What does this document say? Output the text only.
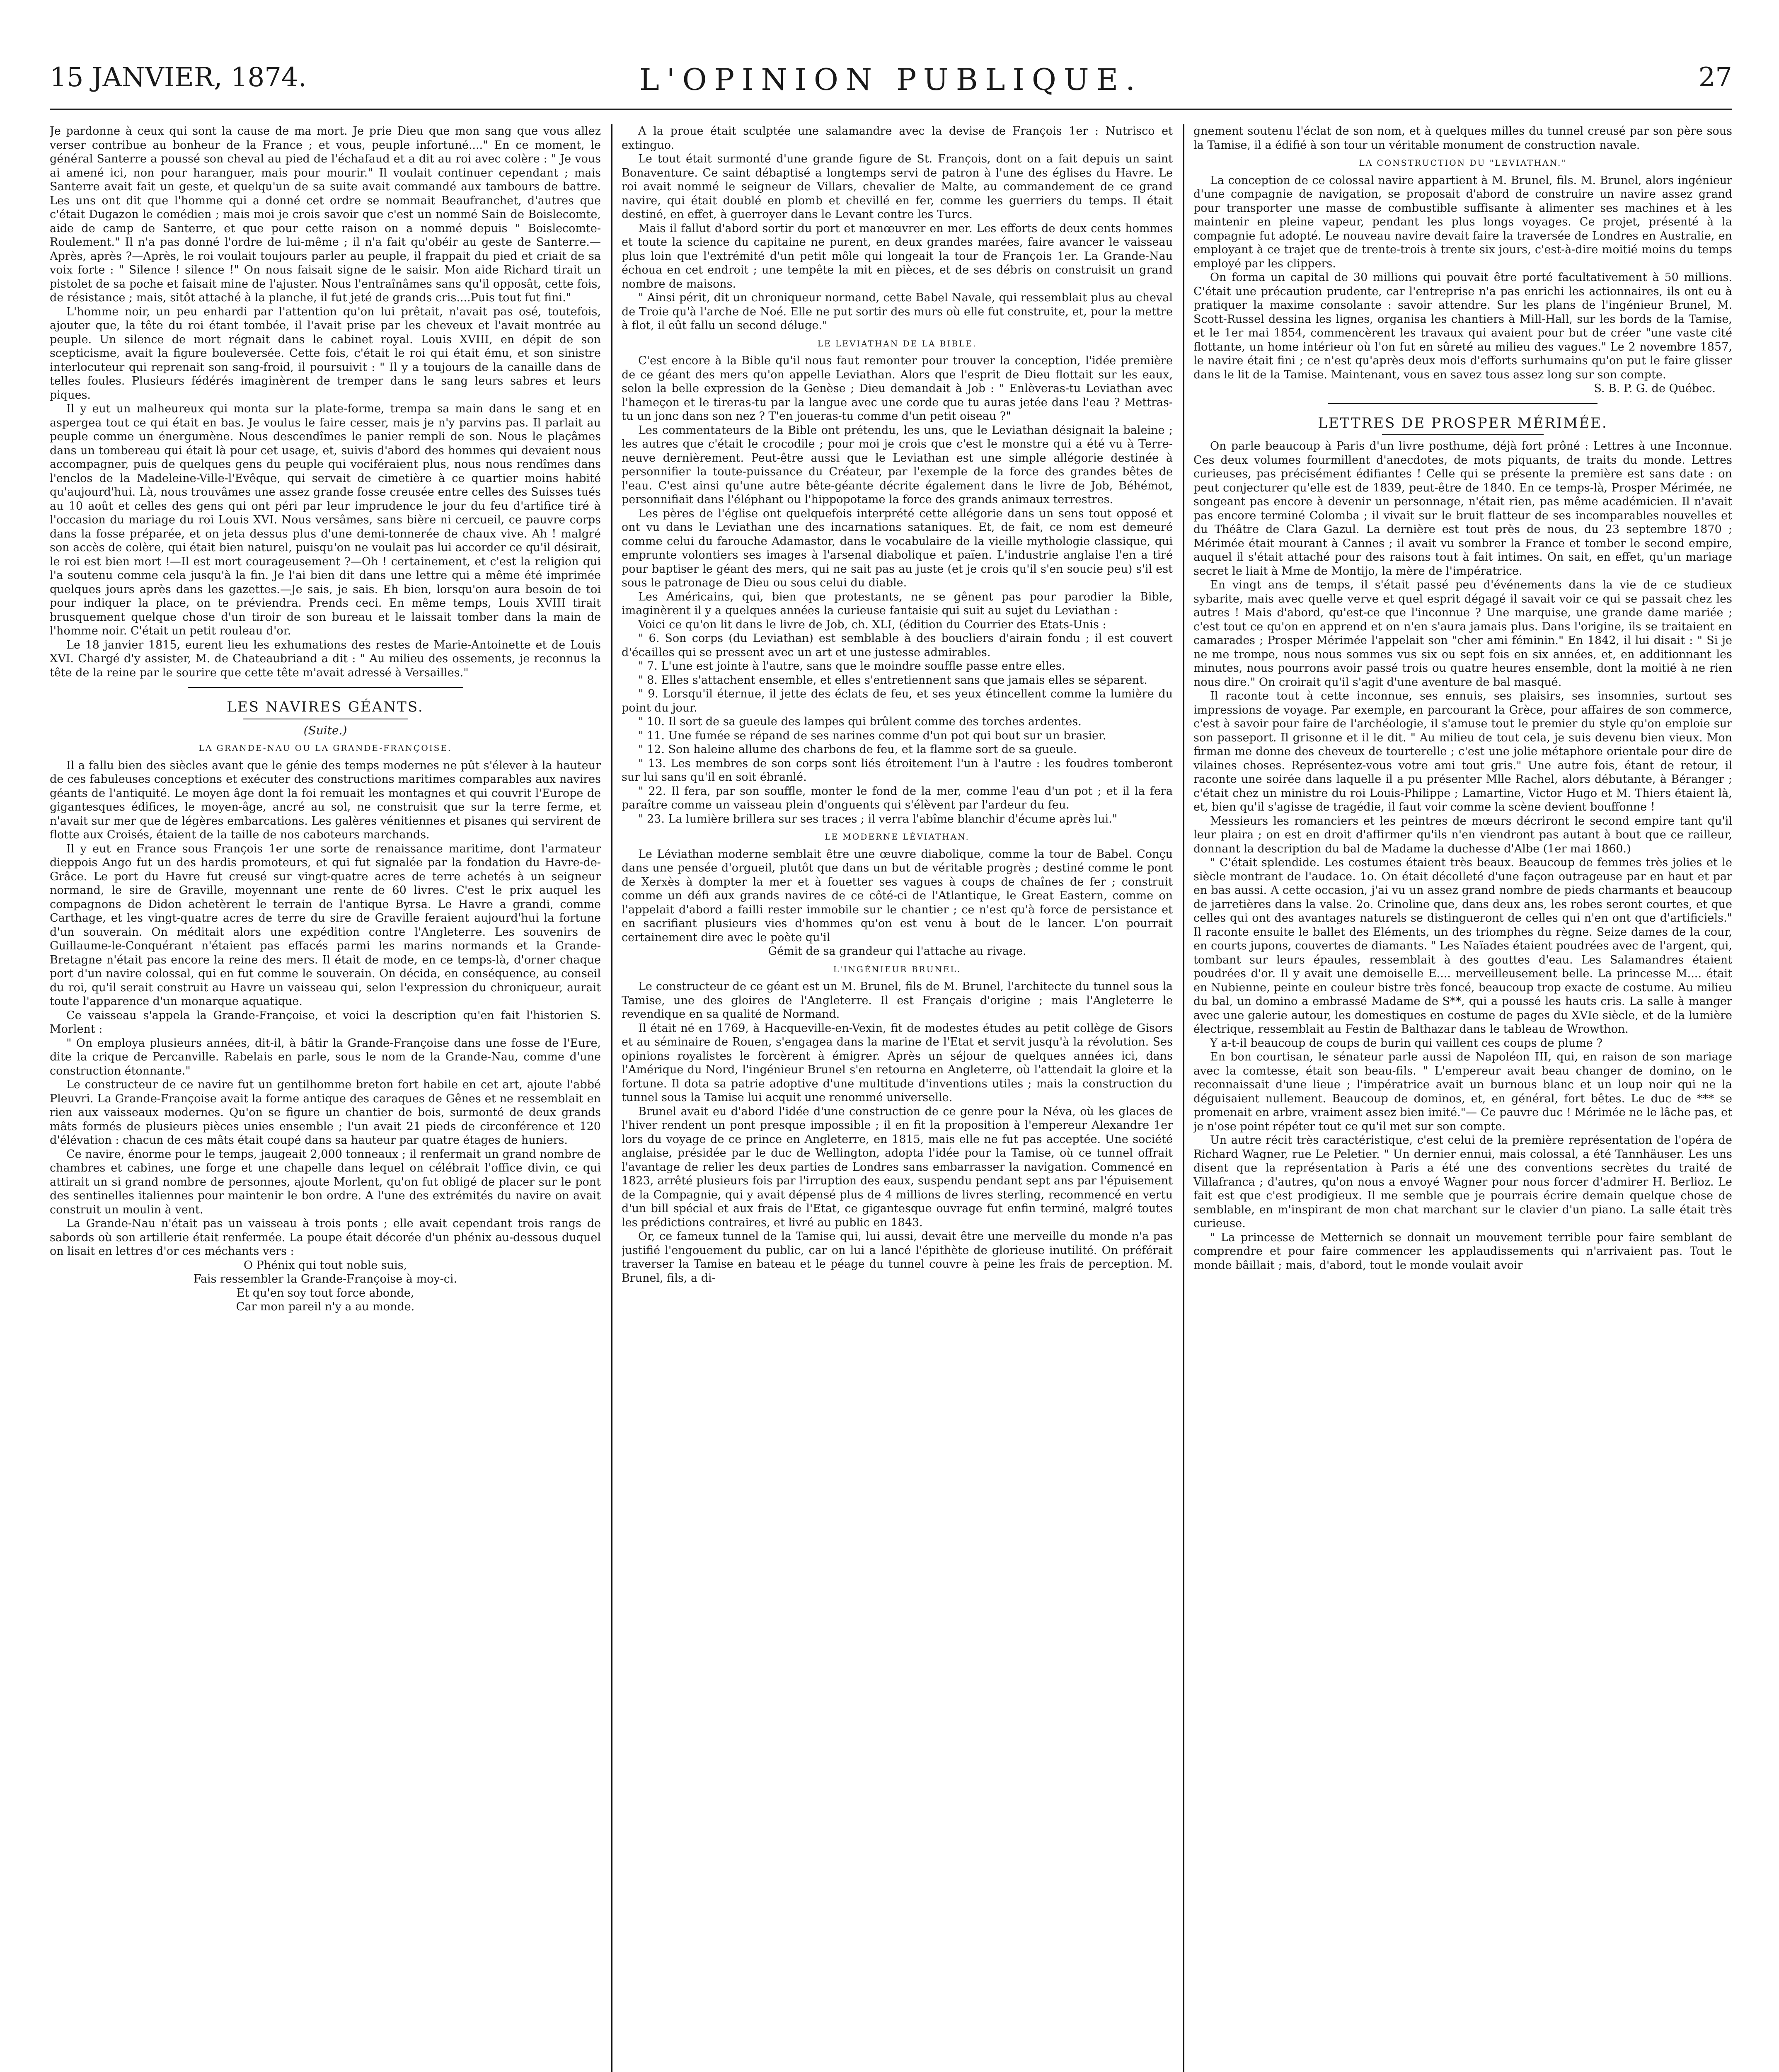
15 JANVIER, 1874.	L'OPINION PUBLIQUE.	27

Je pardonne à ceux qui sont la cause de ma mort. Je prie Dieu que mon sang que vous allez verser contribue au bonheur de la France ; et vous, peuple infortuné...." En ce moment, le général Santerre a poussé son cheval au pied de l'échafaud et a dit au roi avec colère : " Je vous ai amené ici, non pour haranguer, mais pour mourir." Il voulait continuer cependant ; mais Santerre avait fait un geste, et quelqu'un de sa suite avait commandé aux tambours de battre. Les uns ont dit que l'homme qui a donné cet ordre se nommait Beaufranchet, d'autres que c'était Dugazon le comédien ; mais moi je crois savoir que c'est un nommé Sain de Boislecomte, aide de camp de Santerre, et que pour cette raison on a nommé depuis " Boislecomte-Roulement." Il n'a pas donné l'ordre de lui-même ; il n'a fait qu'obéir au geste de Santerre.—Après, après ?—Après, le roi voulait toujours parler au peuple, il frappait du pied et criait de sa voix forte : " Silence ! silence !" On nous faisait signe de le saisir. Mon aide Richard tirait un pistolet de sa poche et faisait mine de l'ajuster. Nous l'entraînâmes sans qu'il opposât, cette fois, de résistance ; mais, sitôt attaché à la planche, il fut jeté de grands cris....Puis tout fut fini."

L'homme noir, un peu enhardi par l'attention qu'on lui prêtait, n'avait pas osé, toutefois, ajouter que, la tête du roi étant tombée, il l'avait prise par les cheveux et l'avait montrée au peuple. Un silence de mort régnait dans le cabinet royal. Louis XVIII, en dépit de son scepticisme, avait la figure bouleversée. Cette fois, c'était le roi qui était ému, et son sinistre interlocuteur qui reprenait son sang-froid, il poursuivit : " Il y a toujours de la canaille dans de telles foules. Plusieurs fédérés imaginèrent de tremper dans le sang leurs sabres et leurs piques.

Il y eut un malheureux qui monta sur la plate-forme, trempa sa main dans le sang et en aspergea tout ce qui était en bas. Je voulus le faire cesser, mais je n'y parvins pas. Il parlait au peuple comme un énergumène. Nous descendîmes le panier rempli de son. Nous le plaçâmes dans un tombereau qui était là pour cet usage, et, suivis d'abord des hommes qui devaient nous accompagner, puis de quelques gens du peuple qui vociféraient plus, nous nous rendîmes dans l'enclos de la Madeleine-Ville-l'Evêque, qui servait de cimetière à ce quartier moins habité qu'aujourd'hui. Là, nous trouvâmes une assez grande fosse creusée entre celles des Suisses tués au 10 août et celles des gens qui ont péri par leur imprudence le jour du feu d'artifice tiré à l'occasion du mariage du roi Louis XVI. Nous versâmes, sans bière ni cercueil, ce pauvre corps dans la fosse préparée, et on jeta dessus plus d'une demi-tonnerée de chaux vive. Ah ! malgré son accès de colère, qui était bien naturel, puisqu'on ne voulait pas lui accorder ce qu'il désirait, le roi est bien mort !—Il est mort courageusement ?—Oh ! certainement, et c'est la religion qui l'a soutenu comme cela jusqu'à la fin. Je l'ai bien dit dans une lettre qui a même été imprimée quelques jours après dans les gazettes.—Je sais, je sais. Eh bien, lorsqu'on aura besoin de toi pour indiquer la place, on te préviendra. Prends ceci. En même temps, Louis XVIII tirait brusquement quelque chose d'un tiroir de son bureau et le laissait tomber dans la main de l'homme noir. C'était un petit rouleau d'or.

Le 18 janvier 1815, eurent lieu les exhumations des restes de Marie-Antoinette et de Louis XVI. Chargé d'y assister, M. de Chateaubriand a dit : " Au milieu des ossements, je reconnus la tête de la reine par le sourire que cette tête m'avait adressé à Versailles."

LES NAVIRES GÉANTS.
(Suite.)
LA GRANDE-NAU OU LA GRANDE-FRANÇOISE.

Il a fallu bien des siècles avant que le génie des temps modernes ne pût s'élever à la hauteur de ces fabuleuses conceptions et exécuter des constructions maritimes comparables aux navires géants de l'antiquité. Le moyen âge dont la foi remuait les montagnes et qui couvrit l'Europe de gigantesques édifices, le moyen-âge, ancré au sol, ne construisit que sur la terre ferme, et n'avait sur mer que de légères embarcations. Les galères vénitiennes et pisanes qui servirent de flotte aux Croisés, étaient de la taille de nos caboteurs marchands.

Il y eut en France sous François 1er une sorte de renaissance maritime, dont l'armateur dieppois Ango fut un des hardis promoteurs, et qui fut signalée par la fondation du Havre-de-Grâce. Le port du Havre fut creusé sur vingt-quatre acres de terre achetés à un seigneur normand, le sire de Graville, moyennant une rente de 60 livres. C'est le prix auquel les compagnons de Didon achetèrent le terrain de l'antique Byrsa. Le Havre a grandi, comme Carthage, et les vingt-quatre acres de terre du sire de Graville feraient aujourd'hui la fortune d'un souverain. On méditait alors une expédition contre l'Angleterre. Les souvenirs de Guillaume-le-Conquérant n'étaient pas effacés parmi les marins normands et la Grande-Bretagne n'était pas encore la reine des mers. Il était de mode, en ce temps-là, d'orner chaque port d'un navire colossal, qui en fut comme le souverain. On décida, en conséquence, au conseil du roi, qu'il serait construit au Havre un vaisseau qui, selon l'expression du chroniqueur, aurait toute l'apparence d'un monarque aquatique.

Ce vaisseau s'appela la Grande-Françoise, et voici la description qu'en fait l'historien S. Morlent :

" On employa plusieurs années, dit-il, à bâtir la Grande-Françoise dans une fosse de l'Eure, dite la crique de Percanville. Rabelais en parle, sous le nom de la Grande-Nau, comme d'une construction étonnante."

Le constructeur de ce navire fut un gentilhomme breton fort habile en cet art, ajoute l'abbé Pleuvri. La Grande-Françoise avait la forme antique des caraques de Gênes et ne ressemblait en rien aux vaisseaux modernes. Qu'on se figure un chantier de bois, surmonté de deux grands mâts formés de plusieurs pièces unies ensemble ; l'un avait 21 pieds de circonférence et 120 d'élévation : chacun de ces mâts était coupé dans sa hauteur par quatre étages de huniers.

Ce navire, énorme pour le temps, jaugeait 2,000 tonneaux ; il renfermait un grand nombre de chambres et cabines, une forge et une chapelle dans lequel on célébrait l'office divin, ce qui attirait un si grand nombre de personnes, ajoute Morlent, qu'on fut obligé de placer sur le pont des sentinelles italiennes pour maintenir le bon ordre. A l'une des extrémités du navire on avait construit un moulin à vent.

La Grande-Nau n'était pas un vaisseau à trois ponts ; elle avait cependant trois rangs de sabords où son artillerie était renfermée. La poupe était décorée d'un phénix au-dessous duquel on lisait en lettres d'or ces méchants vers :

O Phénix qui tout noble suis,

Fais ressembler la Grande-Françoise à moy-ci.

Et qu'en soy tout force abonde,

Car mon pareil n'y a au monde.

A la proue était sculptée une salamandre avec la devise de François 1er : Nutrisco et extinguo.

Le tout était surmonté d'une grande figure de St. François, dont on a fait depuis un saint Bonaventure. Ce saint débaptisé a longtemps servi de patron à l'une des églises du Havre. Le roi avait nommé le seigneur de Villars, chevalier de Malte, au commandement de ce grand navire, qui était doublé en plomb et chevillé en fer, comme les guerriers du temps. Il était destiné, en effet, à guerroyer dans le Levant contre les Turcs.

Mais il fallut d'abord sortir du port et manœuvrer en mer. Les efforts de deux cents hommes et toute la science du capitaine ne purent, en deux grandes marées, faire avancer le vaisseau plus loin que l'extrémité d'un petit môle qui longeait la tour de François 1er. La Grande-Nau échoua en cet endroit ; une tempête la mit en pièces, et de ses débris on construisit un grand nombre de maisons.

" Ainsi périt, dit un chroniqueur normand, cette Babel Navale, qui ressemblait plus au cheval de Troie qu'à l'arche de Noé. Elle ne put sortir des murs où elle fut construite, et, pour la mettre à flot, il eût fallu un second déluge."

LE LEVIATHAN DE LA BIBLE.

C'est encore à la Bible qu'il nous faut remonter pour trouver la conception, l'idée première de ce géant des mers qu'on appelle Leviathan. Alors que l'esprit de Dieu flottait sur les eaux, selon la belle expression de la Genèse ; Dieu demandait à Job : " Enlèveras-tu Leviathan avec l'hameçon et le tireras-tu par la langue avec une corde que tu auras jetée dans l'eau ? Mettras-tu un jonc dans son nez ? T'en joueras-tu comme d'un petit oiseau ?"

Les commentateurs de la Bible ont prétendu, les uns, que le Leviathan désignait la baleine ; les autres que c'était le crocodile ; pour moi je crois que c'est le monstre qui a été vu à Terre-neuve dernièrement. Peut-être aussi que le Leviathan est une simple allégorie destinée à personnifier la toute-puissance du Créateur, par l'exemple de la force des grandes bêtes de l'eau. C'est ainsi qu'une autre bête-géante décrite également dans le livre de Job, Béhémot, personnifiait dans l'éléphant ou l'hippopotame la force des grands animaux terrestres.

Les pères de l'église ont quelquefois interprété cette allégorie dans un sens tout opposé et ont vu dans le Leviathan une des incarnations sataniques. Et, de fait, ce nom est demeuré comme celui du farouche Adamastor, dans le vocabulaire de la vieille mythologie classique, qui emprunte volontiers ses images à l'arsenal diabolique et païen. L'industrie anglaise l'en a tiré pour baptiser le géant des mers, qui ne sait pas au juste (et je crois qu'il s'en soucie peu) s'il est sous le patronage de Dieu ou sous celui du diable.

Les Américains, qui, bien que protestants, ne se gênent pas pour parodier la Bible, imaginèrent il y a quelques années la curieuse fantaisie qui suit au sujet du Leviathan :

Voici ce qu'on lit dans le livre de Job, ch. XLI, (édition du Courrier des Etats-Unis :

" 6. Son corps (du Leviathan) est semblable à des boucliers d'airain fondu ; il est couvert d'écailles qui se pressent avec un art et une justesse admirables.

" 7. L'une est jointe à l'autre, sans que le moindre souffle passe entre elles.

" 8. Elles s'attachent ensemble, et elles s'entretiennent sans que jamais elles se séparent.

" 9. Lorsqu'il éternue, il jette des éclats de feu, et ses yeux étincellent comme la lumière du point du jour.

" 10. Il sort de sa gueule des lampes qui brûlent comme des torches ardentes.

" 11. Une fumée se répand de ses narines comme d'un pot qui bout sur un brasier.

" 12. Son haleine allume des charbons de feu, et la flamme sort de sa gueule.

" 13. Les membres de son corps sont liés étroitement l'un à l'autre : les foudres tomberont sur lui sans qu'il en soit ébranlé.

" 22. Il fera, par son souffle, monter le fond de la mer, comme l'eau d'un pot ; et il la fera paraître comme un vaisseau plein d'onguents qui s'élèvent par l'ardeur du feu.

" 23. La lumière brillera sur ses traces ; il verra l'abîme blanchir d'écume après lui."

LE MODERNE LÉVIATHAN.

Le Léviathan moderne semblait être une œuvre diabolique, comme la tour de Babel. Conçu dans une pensée d'orgueil, plutôt que dans un but de véritable progrès ; destiné comme le pont de Xerxès à dompter la mer et à fouetter ses vagues à coups de chaînes de fer ; construit comme un défi aux grands navires de ce côté-ci de l'Atlantique, le Great Eastern, comme on l'appelait d'abord a failli rester immobile sur le chantier ; ce n'est qu'à force de persistance et en sacrifiant plusieurs vies d'hommes qu'on est venu à bout de le lancer. L'on pourrait certainement dire avec le poète qu'il

Gémit de sa grandeur qui l'attache au rivage.

L'INGÉNIEUR BRUNEL.

Le constructeur de ce géant est un M. Brunel, fils de M. Brunel, l'architecte du tunnel sous la Tamise, une des gloires de l'Angleterre. Il est Français d'origine ; mais l'Angleterre le revendique en sa qualité de Normand.

Il était né en 1769, à Hacqueville-en-Vexin, fit de modestes études au petit collège de Gisors et au séminaire de Rouen, s'engagea dans la marine de l'Etat et servit jusqu'à la révolution. Ses opinions royalistes le forcèrent à émigrer. Après un séjour de quelques années ici, dans l'Amérique du Nord, l'ingénieur Brunel s'en retourna en Angleterre, où l'attendait la gloire et la fortune. Il dota sa patrie adoptive d'une multitude d'inventions utiles ; mais la construction du tunnel sous la Tamise lui acquit une renommé universelle.

Brunel avait eu d'abord l'idée d'une construction de ce genre pour la Néva, où les glaces de l'hiver rendent un pont presque impossible ; il en fit la proposition à l'empereur Alexandre 1er lors du voyage de ce prince en Angleterre, en 1815, mais elle ne fut pas acceptée. Une société anglaise, présidée par le duc de Wellington, adopta l'idée pour la Tamise, où ce tunnel offrait l'avantage de relier les deux parties de Londres sans embarrasser la navigation. Commencé en 1823, arrêté plusieurs fois par l'irruption des eaux, suspendu pendant sept ans par l'épuisement de la Compagnie, qui y avait dépensé plus de 4 millions de livres sterling, recommencé en vertu d'un bill spécial et aux frais de l'Etat, ce gigantesque ouvrage fut enfin terminé, malgré toutes les prédictions contraires, et livré au public en 1843.

Or, ce fameux tunnel de la Tamise qui, lui aussi, devait être une merveille du monde n'a pas justifié l'engouement du public, car on lui a lancé l'épithète de glorieuse inutilité. On préférait traverser la Tamise en bateau et le péage du tunnel couvre à peine les frais de perception. M. Brunel, fils, a di-

gnement soutenu l'éclat de son nom, et à quelques milles du tunnel creusé par son père sous la Tamise, il a édifié à son tour un véritable monument de construction navale.

LA CONSTRUCTION DU "LEVIATHAN."

La conception de ce colossal navire appartient à M. Brunel, fils. M. Brunel, alors ingénieur d'une compagnie de navigation, se proposait d'abord de construire un navire assez grand pour transporter une masse de combustible suffisante à alimenter ses machines et à les maintenir en pleine vapeur, pendant les plus longs voyages. Ce projet, présenté à la compagnie fut adopté. Le nouveau navire devait faire la traversée de Londres en Australie, en employant à ce trajet que de trente-trois à trente six jours, c'est-à-dire moitié moins du temps employé par les clippers.

On forma un capital de 30 millions qui pouvait être porté facultativement à 50 millions. C'était une précaution prudente, car l'entreprise n'a pas enrichi les actionnaires, ils ont eu à pratiquer la maxime consolante : savoir attendre. Sur les plans de l'ingénieur Brunel, M. Scott-Russel dessina les lignes, organisa les chantiers à Mill-Hall, sur les bords de la Tamise, et le 1er mai 1854, commencèrent les travaux qui avaient pour but de créer "une vaste cité flottante, un home intérieur où l'on fut en sûreté au milieu des vagues." Le 2 novembre 1857, le navire était fini ; ce n'est qu'après deux mois d'efforts surhumains qu'on put le faire glisser dans le lit de la Tamise. Maintenant, vous en savez tous assez long sur son compte.

S. B. P. G. de Québec.

LETTRES DE PROSPER MÉRIMÉE.

On parle beaucoup à Paris d'un livre posthume, déjà fort prôné : Lettres à une Inconnue. Ces deux volumes fourmillent d'anecdotes, de mots piquants, de traits du monde. Lettres curieuses, pas précisément édifiantes ! Celle qui se présente la première est sans date : on peut conjecturer qu'elle est de 1839, peut-être de 1840. En ce temps-là, Prosper Mérimée, ne songeant pas encore à devenir un personnage, n'était rien, pas même académicien. Il n'avait pas encore terminé Colomba ; il vivait sur le bruit flatteur de ses incomparables nouvelles et du Théâtre de Clara Gazul. La dernière est tout près de nous, du 23 septembre 1870 ; Mérimée était mourant à Cannes ; il avait vu sombrer la France et tomber le second empire, auquel il s'était attaché pour des raisons tout à fait intimes. On sait, en effet, qu'un mariage secret le liait à Mme de Montijo, la mère de l'impératrice.

En vingt ans de temps, il s'était passé peu d'événements dans la vie de ce studieux sybarite, mais avec quelle verve et quel esprit dégagé il savait voir ce qui se passait chez les autres ! Mais d'abord, qu'est-ce que l'inconnue ? Une marquise, une grande dame mariée ; c'est tout ce qu'on en apprend et on n'en s'aura jamais plus. Dans l'origine, ils se traitaient en camarades ; Prosper Mérimée l'appelait son "cher ami féminin." En 1842, il lui disait : " Si je ne me trompe, nous nous sommes vus six ou sept fois en six années, et, en additionnant les minutes, nous pourrons avoir passé trois ou quatre heures ensemble, dont la moitié à ne rien nous dire." On croirait qu'il s'agit d'une aventure de bal masqué.

Il raconte tout à cette inconnue, ses ennuis, ses plaisirs, ses insomnies, surtout ses impressions de voyage. Par exemple, en parcourant la Grèce, pour affaires de son commerce, c'est à savoir pour faire de l'archéologie, il s'amuse tout le premier du style qu'on emploie sur son passeport. Il grisonne et il le dit. " Au milieu de tout cela, je suis devenu bien vieux. Mon firman me donne des cheveux de tourterelle ; c'est une jolie métaphore orientale pour dire de vilaines choses. Représentez-vous votre ami tout gris." Une autre fois, étant de retour, il raconte une soirée dans laquelle il a pu présenter Mlle Rachel, alors débutante, à Béranger ; c'était chez un ministre du roi Louis-Philippe ; Lamartine, Victor Hugo et M. Thiers étaient là, et, bien qu'il s'agisse de tragédie, il faut voir comme la scène devient bouffonne !

Messieurs les romanciers et les peintres de mœurs décriront le second empire tant qu'il leur plaira ; on est en droit d'affirmer qu'ils n'en viendront pas autant à bout que ce railleur, donnant la description du bal de Madame la duchesse d'Albe (1er mai 1860.)

" C'était splendide. Les costumes étaient très beaux. Beaucoup de femmes très jolies et le siècle montrant de l'audace. 1o. On était décolleté d'une façon outrageuse par en haut et par en bas aussi. A cette occasion, j'ai vu un assez grand nombre de pieds charmants et beaucoup de jarretières dans la valse. 2o. Crinoline que, dans deux ans, les robes seront courtes, et que celles qui ont des avantages naturels se distingueront de celles qui n'en ont que d'artificiels." Il raconte ensuite le ballet des Eléments, un des triomphes du règne. Seize dames de la cour, en courts jupons, couvertes de diamants. " Les Naïades étaient poudrées avec de l'argent, qui, tombant sur leurs épaules, ressemblait à des gouttes d'eau. Les Salamandres étaient poudrées d'or. Il y avait une demoiselle E.... merveilleusement belle. La princesse M.... était en Nubienne, peinte en couleur bistre très foncé, beaucoup trop exacte de costume. Au milieu du bal, un domino a embrassé Madame de S**, qui a poussé les hauts cris. La salle à manger avec une galerie autour, les domestiques en costume de pages du XVIe siècle, et de la lumière électrique, ressemblait au Festin de Balthazar dans le tableau de Wrowthon.

Y a-t-il beaucoup de coups de burin qui vaillent ces coups de plume ?

En bon courtisan, le sénateur parle aussi de Napoléon III, qui, en raison de son mariage avec la comtesse, était son beau-fils. " L'empereur avait beau changer de domino, on le reconnaissait d'une lieue ; l'impératrice avait un burnous blanc et un loup noir qui ne la déguisaient nullement. Beaucoup de dominos, et, en général, fort bêtes. Le duc de *** se promenait en arbre, vraiment assez bien imité."— Ce pauvre duc ! Mérimée ne le lâche pas, et je n'ose point répéter tout ce qu'il met sur son compte.

Un autre récit très caractéristique, c'est celui de la première représentation de l'opéra de Richard Wagner, rue Le Peletier. " Un dernier ennui, mais colossal, a été Tannhäuser. Les uns disent que la représentation à Paris a été une des conventions secrètes du traité de Villafranca ; d'autres, qu'on nous a envoyé Wagner pour nous forcer d'admirer H. Berlioz. Le fait est que c'est prodigieux. Il me semble que je pourrais écrire demain quelque chose de semblable, en m'inspirant de mon chat marchant sur le clavier d'un piano. La salle était très curieuse.

" La princesse de Metternich se donnait un mouvement terrible pour faire semblant de comprendre et pour faire commencer les applaudissements qui n'arrivaient pas. Tout le monde bâillait ; mais, d'abord, tout le monde voulait avoir
